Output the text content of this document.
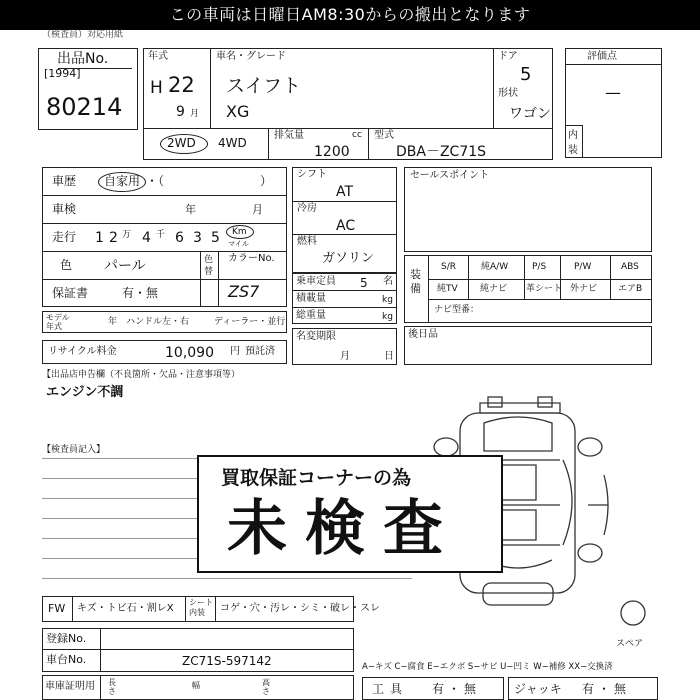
この車両は日曜日AM8:30からの搬出となります
（検査員）対応用紙
出品No.
[1994]
80214
年式
H 22
9 月
車名・グレード
スイフト
XG
ドア
5
形状
ワゴン
2WD 4WD
排気量	cc
1200
型式
DBA－ZC71S
評価点
—
内装
車歴 自家用 ・（　　　　　　　　）
車検	年	月
走行 1 2 万 4 千 6 3 5 Km
マイル
色 パール	色替
カラーNo.
ZS7
保証書	有・無
モデル年式	年 ハンドル 左・右	ディーラー・並行
リサイクル料金	10,090 円 預託済
シフト
AT
冷房
AC
燃料
ガソリン
乗車定員 5 名
積載量	kg
総重量	kg
名変期限
月	日
セールスポイント
装備
S/R	純A/W	P/S	P/W	ABS
純TV 純ナビ 革シート 外ナビ エアB
ナビ型番：
後日品
【出品店申告欄（不良箇所・欠品・注意事項等）
エンジン不調
【検査員記入】
スペア
買取保証コーナーの為
未検査
FW キズ・トビ石・割レX
シート内装	コゲ・穴・汚レ・シミ・破レ・スレ
登録No.
車台No.	ZC71S-597142
車庫証明用 長さ
幅	高さ
A−キズ C−腐食 E−エクボ S−サビ U−凹ミ W−補修 XX−交換済
工具 有・無	ジャッキ 有・無
